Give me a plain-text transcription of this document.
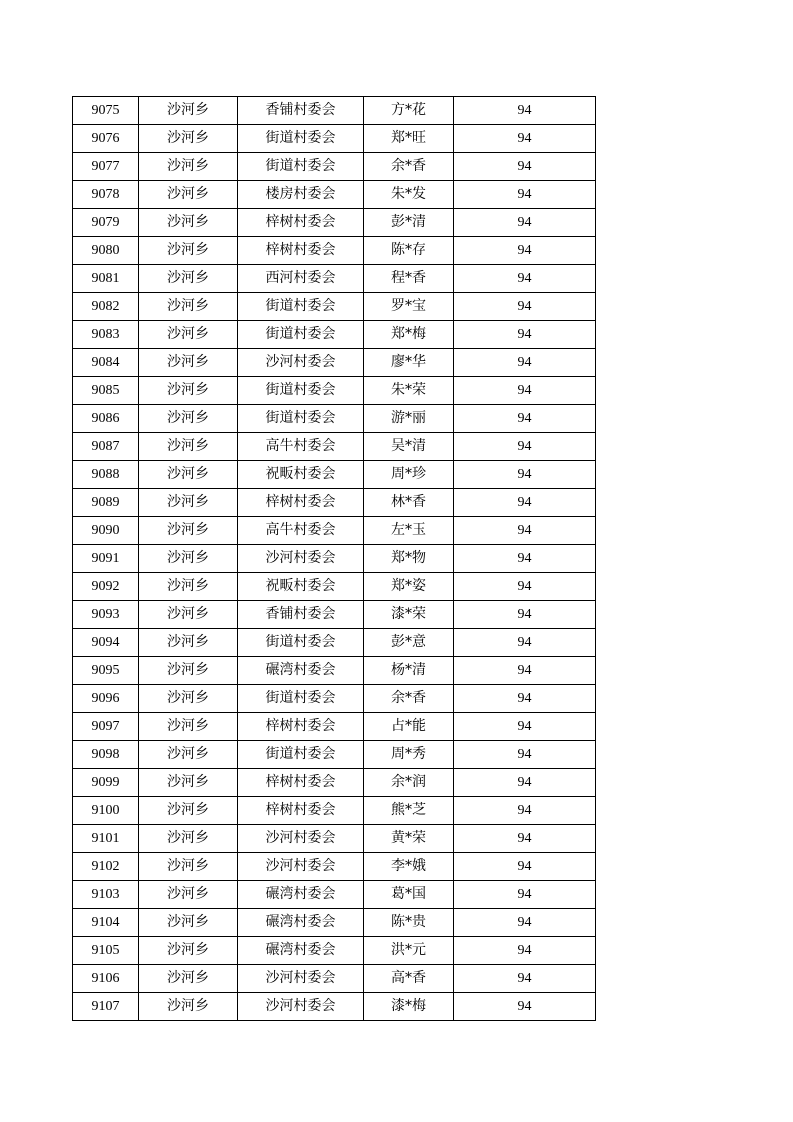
9075	沙河乡	香铺村委会	方*花	94
9076	沙河乡	街道村委会	郑*旺	94
9077	沙河乡	街道村委会	余*香	94
9078	沙河乡	楼房村委会	朱*发	94
9079	沙河乡	梓树村委会	彭*清	94
9080	沙河乡	梓树村委会	陈*存	94
9081	沙河乡	西河村委会	程*香	94
9082	沙河乡	街道村委会	罗*宝	94
9083	沙河乡	街道村委会	郑*梅	94
9084	沙河乡	沙河村委会	廖*华	94
9085	沙河乡	街道村委会	朱*荣	94
9086	沙河乡	街道村委会	游*丽	94
9087	沙河乡	高牛村委会	吴*清	94
9088	沙河乡	祝畈村委会	周*珍	94
9089	沙河乡	梓树村委会	林*香	94
9090	沙河乡	高牛村委会	左*玉	94
9091	沙河乡	沙河村委会	郑*物	94
9092	沙河乡	祝畈村委会	郑*姿	94
9093	沙河乡	香铺村委会	漆*荣	94
9094	沙河乡	街道村委会	彭*意	94
9095	沙河乡	碾湾村委会	杨*清	94
9096	沙河乡	街道村委会	余*香	94
9097	沙河乡	梓树村委会	占*能	94
9098	沙河乡	街道村委会	周*秀	94
9099	沙河乡	梓树村委会	余*润	94
9100	沙河乡	梓树村委会	熊*芝	94
9101	沙河乡	沙河村委会	黄*荣	94
9102	沙河乡	沙河村委会	李*娥	94
9103	沙河乡	碾湾村委会	葛*国	94
9104	沙河乡	碾湾村委会	陈*贵	94
9105	沙河乡	碾湾村委会	洪*元	94
9106	沙河乡	沙河村委会	高*香	94
9107	沙河乡	沙河村委会	漆*梅	94
